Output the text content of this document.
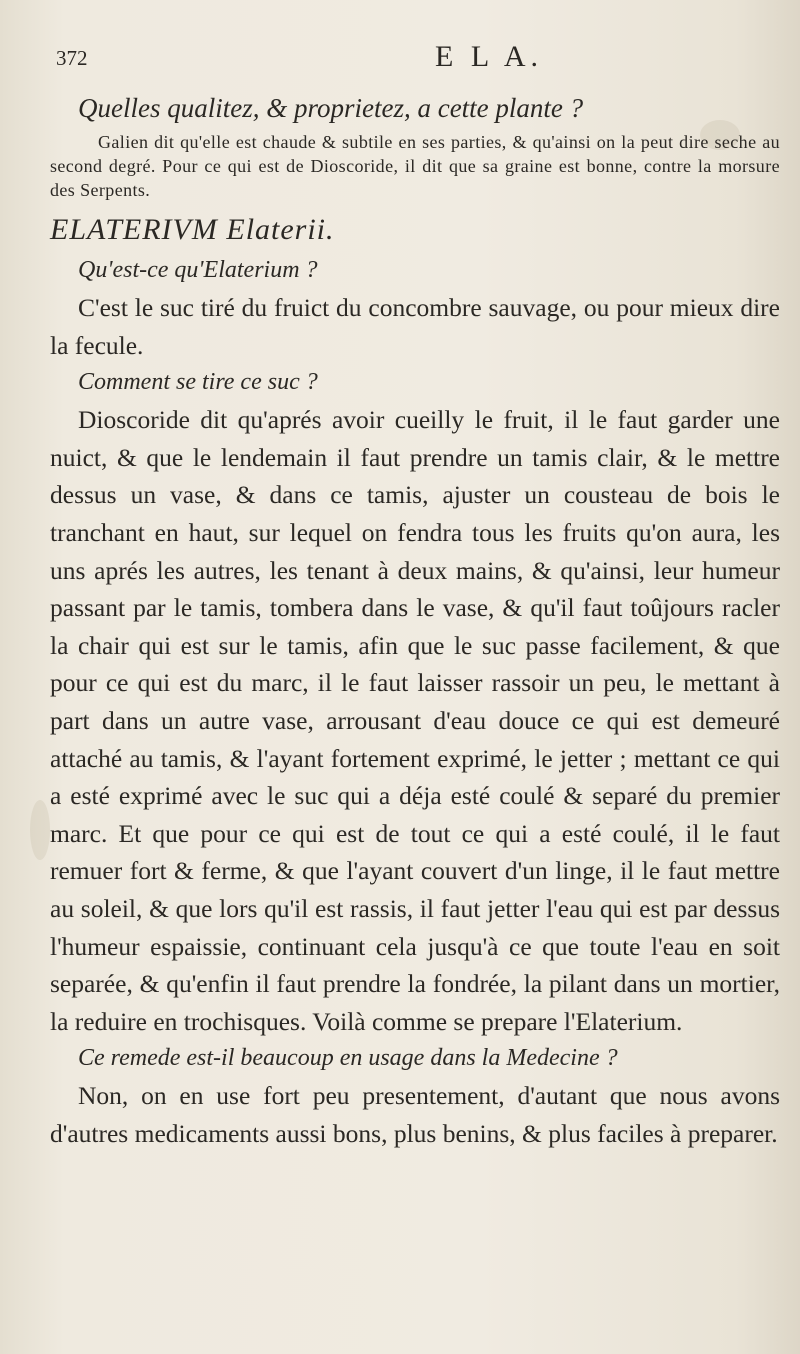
372	E L A.

Quelles qualitez, & proprietez, a cette plante ?

Galien dit qu'elle est chaude & subtile en ses parties, & qu'ainsi on la peut dire seche au second degré. Pour ce qui est de Dioscoride, il dit que sa graine est bonne, contre la morsure des Serpents.

ELATERIVM Elaterii.

Qu'est-ce qu'Elaterium ?

C'est le suc tiré du fruict du concombre sauvage, ou pour mieux dire la fecule.

Comment se tire ce suc ?

Dioscoride dit qu'aprés avoir cueilly le fruit, il le faut garder une nuict, & que le lendemain il faut prendre un tamis clair, & le mettre dessus un vase, & dans ce tamis, ajuster un cousteau de bois le tranchant en haut, sur lequel on fendra tous les fruits qu'on aura, les uns aprés les autres, les tenant à deux mains, & qu'ainsi, leur humeur passant par le tamis, tombera dans le vase, & qu'il faut toûjours racler la chair qui est sur le tamis, afin que le suc passe facilement, & que pour ce qui est du marc, il le faut laisser rassoir un peu, le mettant à part dans un autre vase, arrousant d'eau douce ce qui est demeuré attaché au tamis, & l'ayant fortement exprimé, le jetter ; mettant ce qui a esté exprimé avec le suc qui a déja esté coulé & separé du premier marc. Et que pour ce qui est de tout ce qui a esté coulé, il le faut remuer fort & ferme, & que l'ayant couvert d'un linge, il le faut mettre au soleil, & que lors qu'il est rassis, il faut jetter l'eau qui est par dessus l'humeur espaissie, continuant cela jusqu'à ce que toute l'eau en soit separée, & qu'enfin il faut prendre la fondrée, la pilant dans un mortier, la reduire en trochisques. Voilà comme se prepare l'Elaterium.

Ce remede est-il beaucoup en usage dans la Medecine ?

Non, on en use fort peu presentement, d'autant que nous avons d'autres medicaments aussi bons, plus benins, & plus faciles à preparer.
